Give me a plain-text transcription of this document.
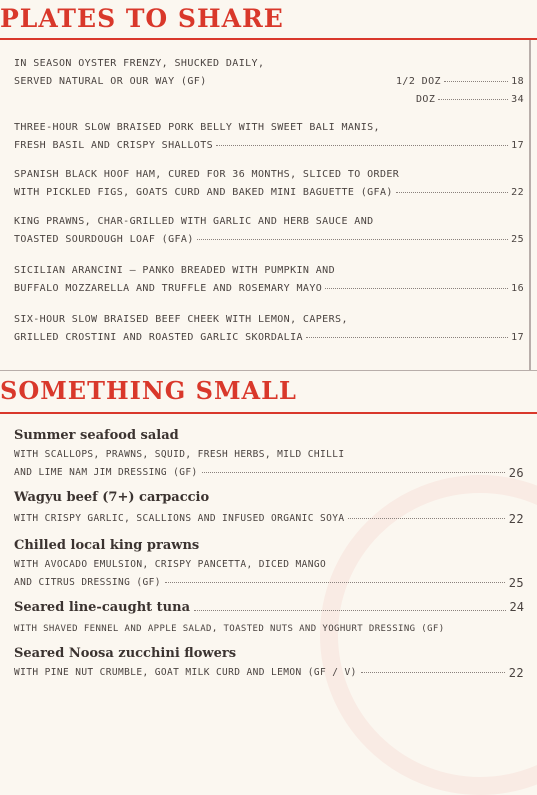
PLATES TO SHARE
IN SEASON OYSTER FRENZY, SHUCKED DAILY,
SERVED NATURAL OR OUR WAY (GF)	1/2 DOZ	18
DOZ	34
THREE-HOUR SLOW BRAISED PORK BELLY WITH SWEET BALI MANIS,
FRESH BASIL AND CRISPY SHALLOTS	17
SPANISH BLACK HOOF HAM, CURED FOR 36 MONTHS, SLICED TO ORDER
WITH PICKLED FIGS, GOATS CURD AND BAKED MINI BAGUETTE (GFA)	22
KING PRAWNS, CHAR-GRILLED WITH GARLIC AND HERB SAUCE AND
TOASTED SOURDOUGH LOAF (GFA)	25
SICILIAN ARANCINI – PANKO BREADED WITH PUMPKIN AND
BUFFALO MOZZARELLA AND TRUFFLE AND ROSEMARY MAYO	16
SIX-HOUR SLOW BRAISED BEEF CHEEK WITH LEMON, CAPERS,
GRILLED CROSTINI AND ROASTED GARLIC SKORDALIA	17
SOMETHING SMALL
Summer seafood salad
WITH SCALLOPS, PRAWNS, SQUID, FRESH HERBS, MILD CHILLI
AND LIME NAM JIM DRESSING (GF)	26
Wagyu beef (7+) carpaccio
WITH CRISPY GARLIC, SCALLIONS AND INFUSED ORGANIC SOYA	22
Chilled local king prawns
WITH AVOCADO EMULSION, CRISPY PANCETTA, DICED MANGO
AND CITRUS DRESSING (GF)	25
Seared line-caught tuna	24
WITH SHAVED FENNEL AND APPLE SALAD, TOASTED NUTS AND YOGHURT DRESSING (GF)
Seared Noosa zucchini flowers
WITH PINE NUT CRUMBLE, GOAT MILK CURD AND LEMON (GF / V)	22
